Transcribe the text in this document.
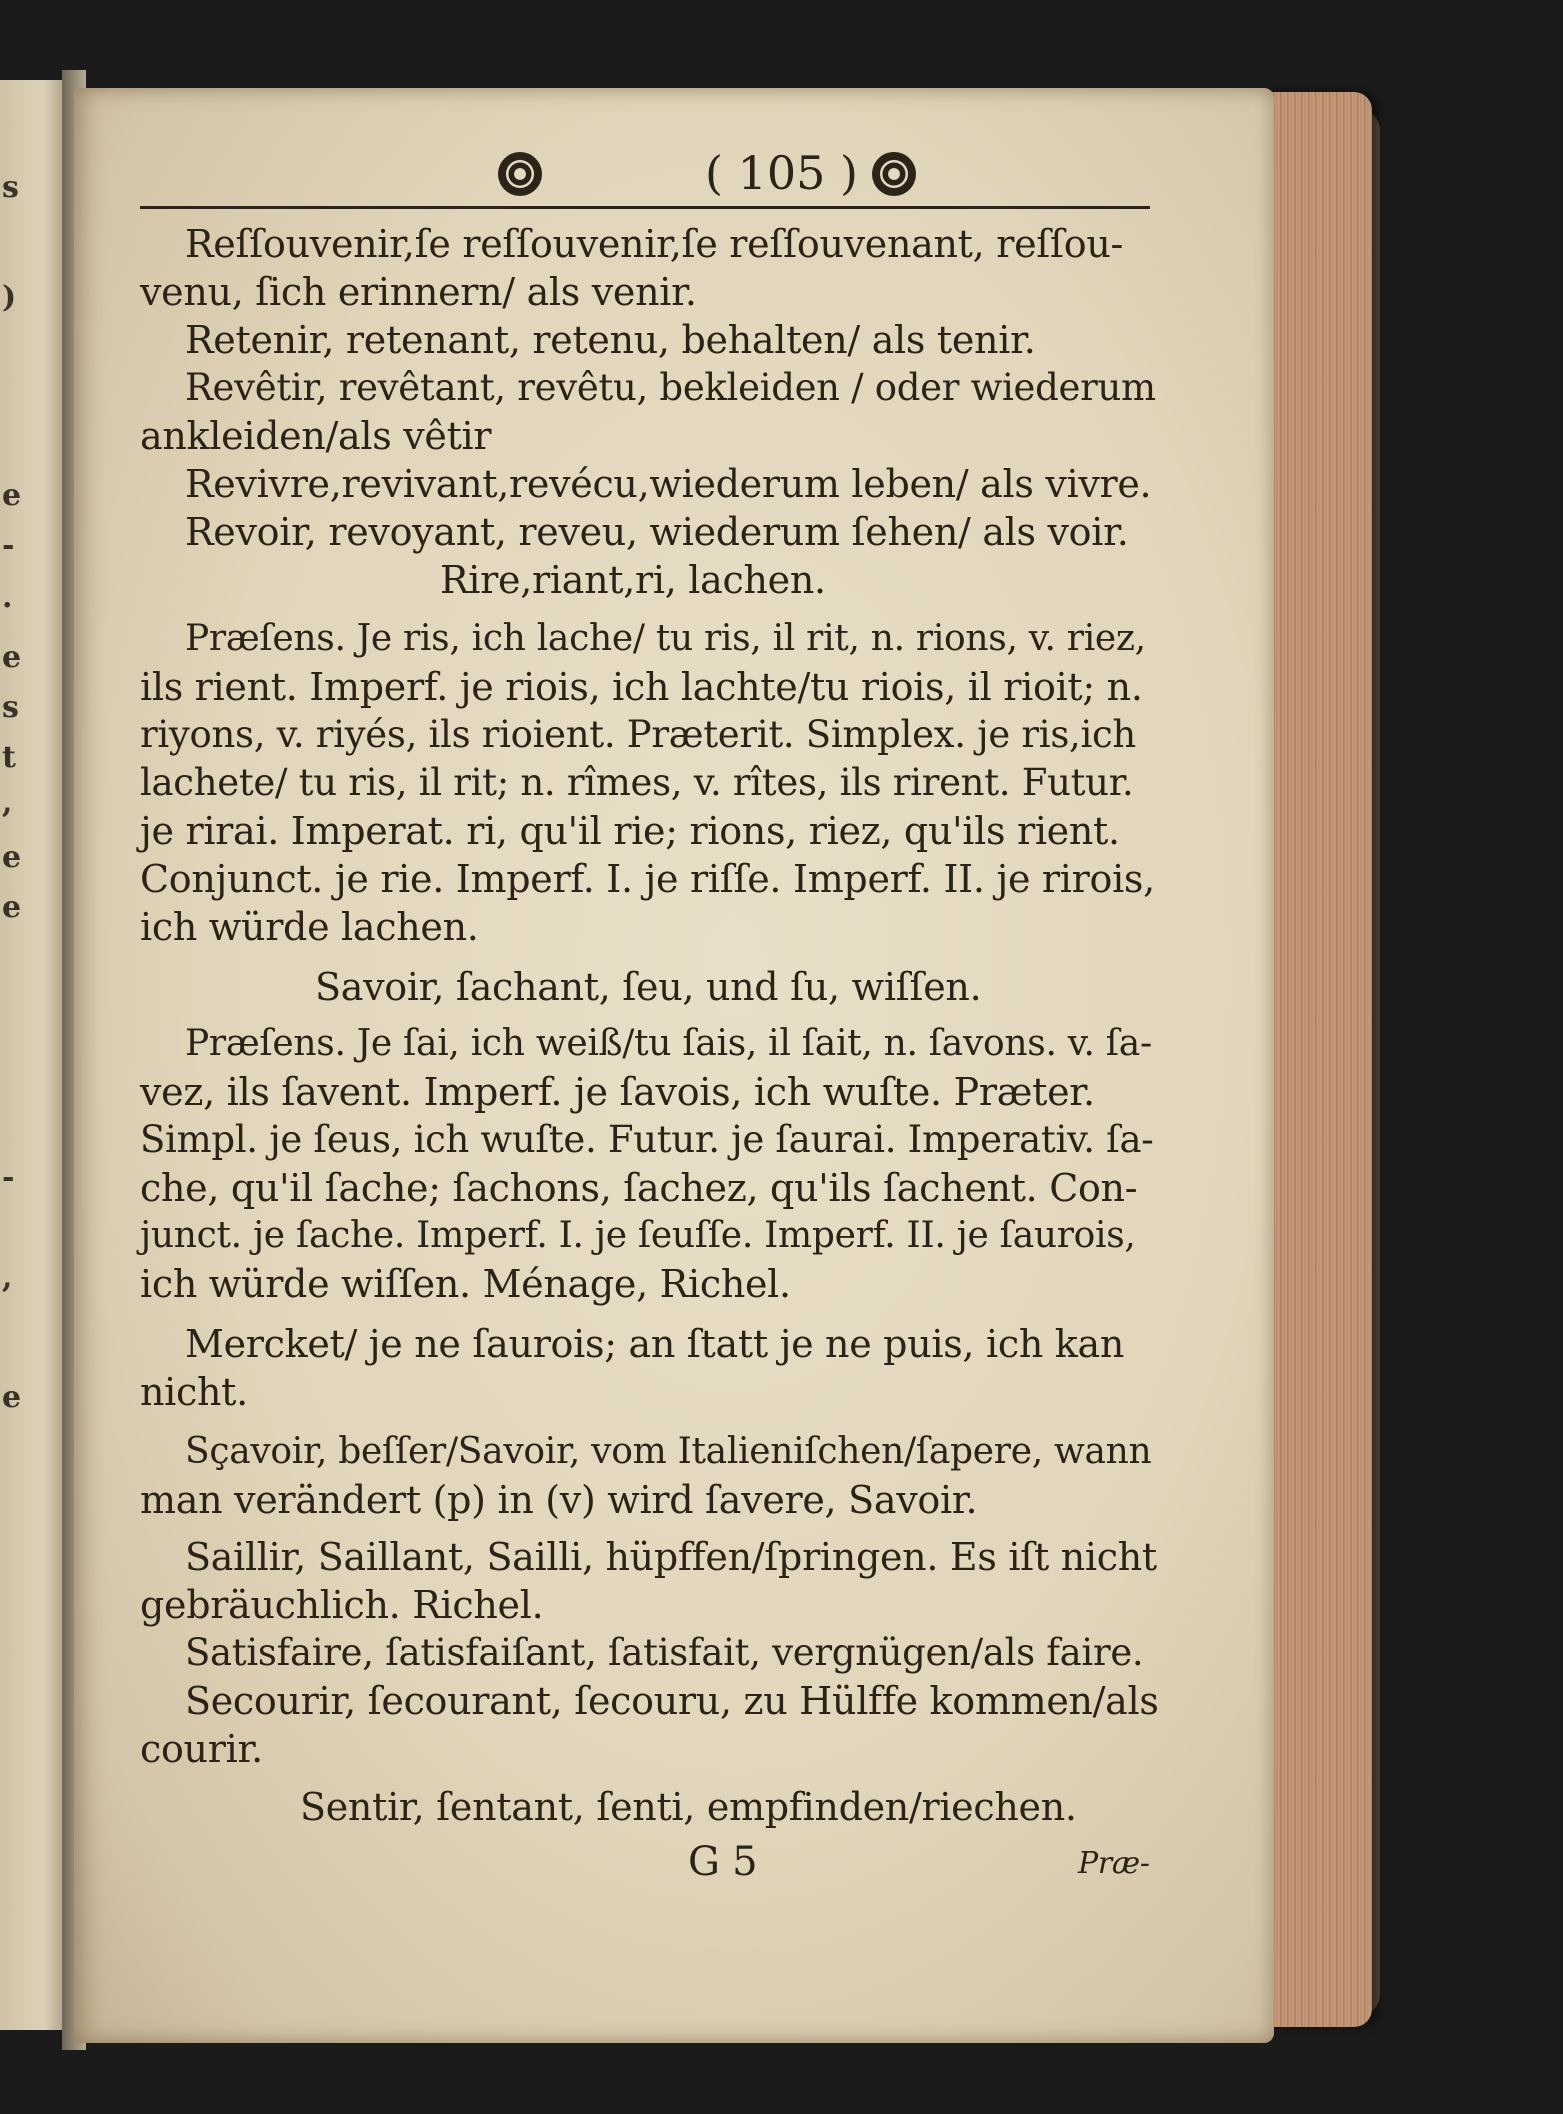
s
)
e
-
.
e
s
t
,
e
e
-
,
e
( 105 )
Reſſouvenir,ſe reſſouvenir,ſe reſſouvenant, reſſou-
venu, ſich erinnern/ als venir.
Retenir, retenant, retenu, behalten/ als tenir.
Revêtir, revêtant, revêtu, bekleiden / oder wiederum
ankleiden/als vêtir
Revivre,revivant,revécu,wiederum leben/ als vivre.
Revoir, revoyant, reveu, wiederum ſehen/ als voir.
Rire,riant,ri, lachen.
Præſens. Je ris, ich lache/ tu ris, il rit, n. rions, v. riez,
ils rient. Imperf. je riois, ich lachte/tu riois, il rioit; n.
riyons, v. riyés, ils rioient. Præterit. Simplex. je ris,ich
lachete/ tu ris, il rit; n. rîmes, v. rîtes, ils rirent. Futur.
je rirai. Imperat. ri, qu'il rie; rions, riez, qu'ils rient.
Conjunct. je rie. Imperf. I. je riſſe. Imperf. II. je rirois,
ich würde lachen.
Savoir, ſachant, ſeu, und ſu, wiſſen.
Præſens. Je ſai, ich weiß/tu ſais, il ſait, n. ſavons. v. ſa-
vez, ils ſavent. Imperf. je ſavois, ich wuſte. Præter.
Simpl. je ſeus, ich wuſte. Futur. je ſaurai. Imperativ. ſa-
che, qu'il ſache; ſachons, ſachez, qu'ils ſachent. Con-
junct. je ſache. Imperf. I. je ſeuſſe. Imperf. II. je ſaurois,
ich würde wiſſen. Ménage, Richel.
Mercket/ je ne ſaurois; an ſtatt je ne puis, ich kan
nicht.
Sçavoir, beſſer/Savoir, vom Italieniſchen/ſapere, wann
man verändert (p) in (v) wird ſavere, Savoir.
Saillir, Saillant, Sailli, hüpffen/ſpringen. Es iſt nicht
gebräuchlich. Richel.
Satisfaire, ſatisfaiſant, ſatisfait, vergnügen/als faire.
Secourir, ſecourant, ſecouru, zu Hülffe kommen/als
courir.
Sentir, ſentant, ſenti, empfinden/riechen.
G 5	Præ-
